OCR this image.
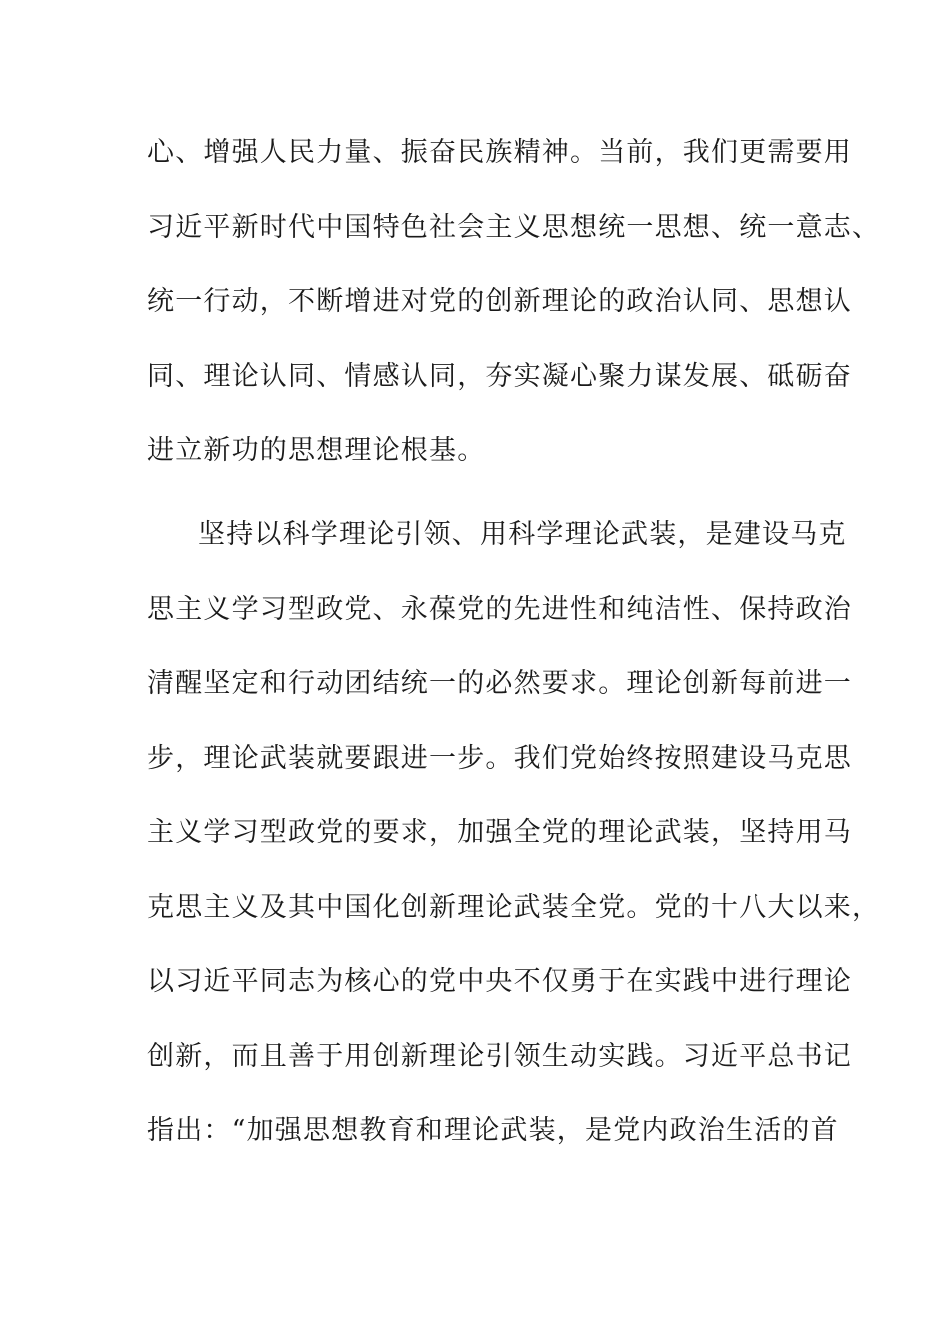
心、增强人民力量、振奋民族精神。当前，我们更需要用
习近平新时代中国特色社会主义思想统一思想、统一意志、
统一行动，不断增进对党的创新理论的政治认同、思想认
同、理论认同、情感认同，夯实凝心聚力谋发展、砥砺奋
进立新功的思想理论根基。
坚持以科学理论引领、用科学理论武装，是建设马克
思主义学习型政党、永葆党的先进性和纯洁性、保持政治
清醒坚定和行动团结统一的必然要求。理论创新每前进一
步，理论武装就要跟进一步。我们党始终按照建设马克思
主义学习型政党的要求，加强全党的理论武装，坚持用马
克思主义及其中国化创新理论武装全党。党的十八大以来，
以习近平同志为核心的党中央不仅勇于在实践中进行理论
创新，而且善于用创新理论引领生动实践。习近平总书记
指出：“加强思想教育和理论武装，是党内政治生活的首
